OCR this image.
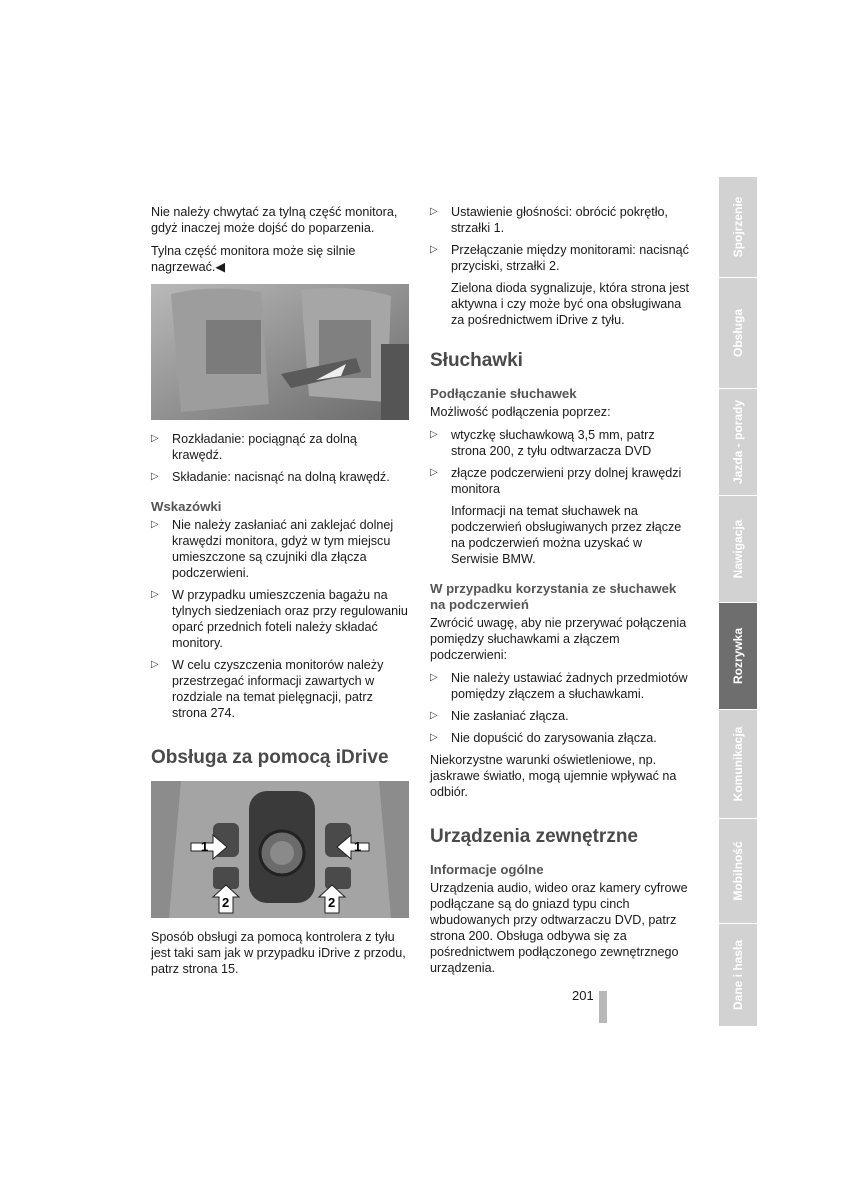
Nie należy chwytać za tylną część monitora, gdyż inaczej może dojść do poparzenia.

Tylna część monitora może się silnie nagrzewać.◀

▷ Rozkładanie: pociągnąć za dolną krawędź.
▷ Składanie: nacisnąć na dolną krawędź.
Wskazówki
▷ Nie należy zasłaniać ani zaklejać dolnej krawędzi monitora, gdyż w tym miejscu umieszczone są czujniki dla złącza podczerwieni.
▷ W przypadku umieszczenia bagażu na tylnych siedzeniach oraz przy regulowaniu oparć przednich foteli należy składać monitory.
▷ W celu czyszczenia monitorów należy przestrzegać informacji zawartych w rozdziale na temat pielęgnacji, patrz strona 274.
Obsługa za pomocą iDrive
1	1
2	2

Sposób obsługi za pomocą kontrolera z tyłu jest taki sam jak w przypadku iDrive z przodu, patrz strona 15.

▷ Ustawienie głośności: obrócić pokrętło, strzałki 1.
▷ Przełączanie między monitorami: nacisnąć przyciski, strzałki 2.

Zielona dioda sygnalizuje, która strona jest aktywna i czy może być ona obsługiwana za pośrednictwem iDrive z tyłu.

Słuchawki
Podłączanie słuchawek

Możliwość podłączenia poprzez:

▷ wtyczkę słuchawkową 3,5 mm, patrz strona 200, z tyłu odtwarzacza DVD
▷ złącze podczerwieni przy dolnej krawędzi monitora

Informacji na temat słuchawek na podczerwień obsługiwanych przez złącze na podczerwień można uzyskać w Serwisie BMW.

W przypadku korzystania ze słuchawek na podczerwień

Zwrócić uwagę, aby nie przerywać połączenia pomiędzy słuchawkami a złączem podczerwieni:

▷ Nie należy ustawiać żadnych przedmiotów pomiędzy złączem a słuchawkami.
▷ Nie zasłaniać złącza.
▷ Nie dopuścić do zarysowania złącza.

Niekorzystne warunki oświetleniowe, np. jaskrawe światło, mogą ujemnie wpływać na odbiór.

Urządzenia zewnętrzne
Informacje ogólne

Urządzenia audio, wideo oraz kamery cyfrowe podłączane są do gniazd typu cinch wbudowanych przy odtwarzaczu DVD, patrz strona 200. Obsługa odbywa się za pośrednictwem podłączonego zewnętrznego urządzenia.

201
Spojrzenie
Obsługa
Jazda - porady
Nawigacja
Rozrywka
Komunikacja
Mobilność
Dane i hasła
